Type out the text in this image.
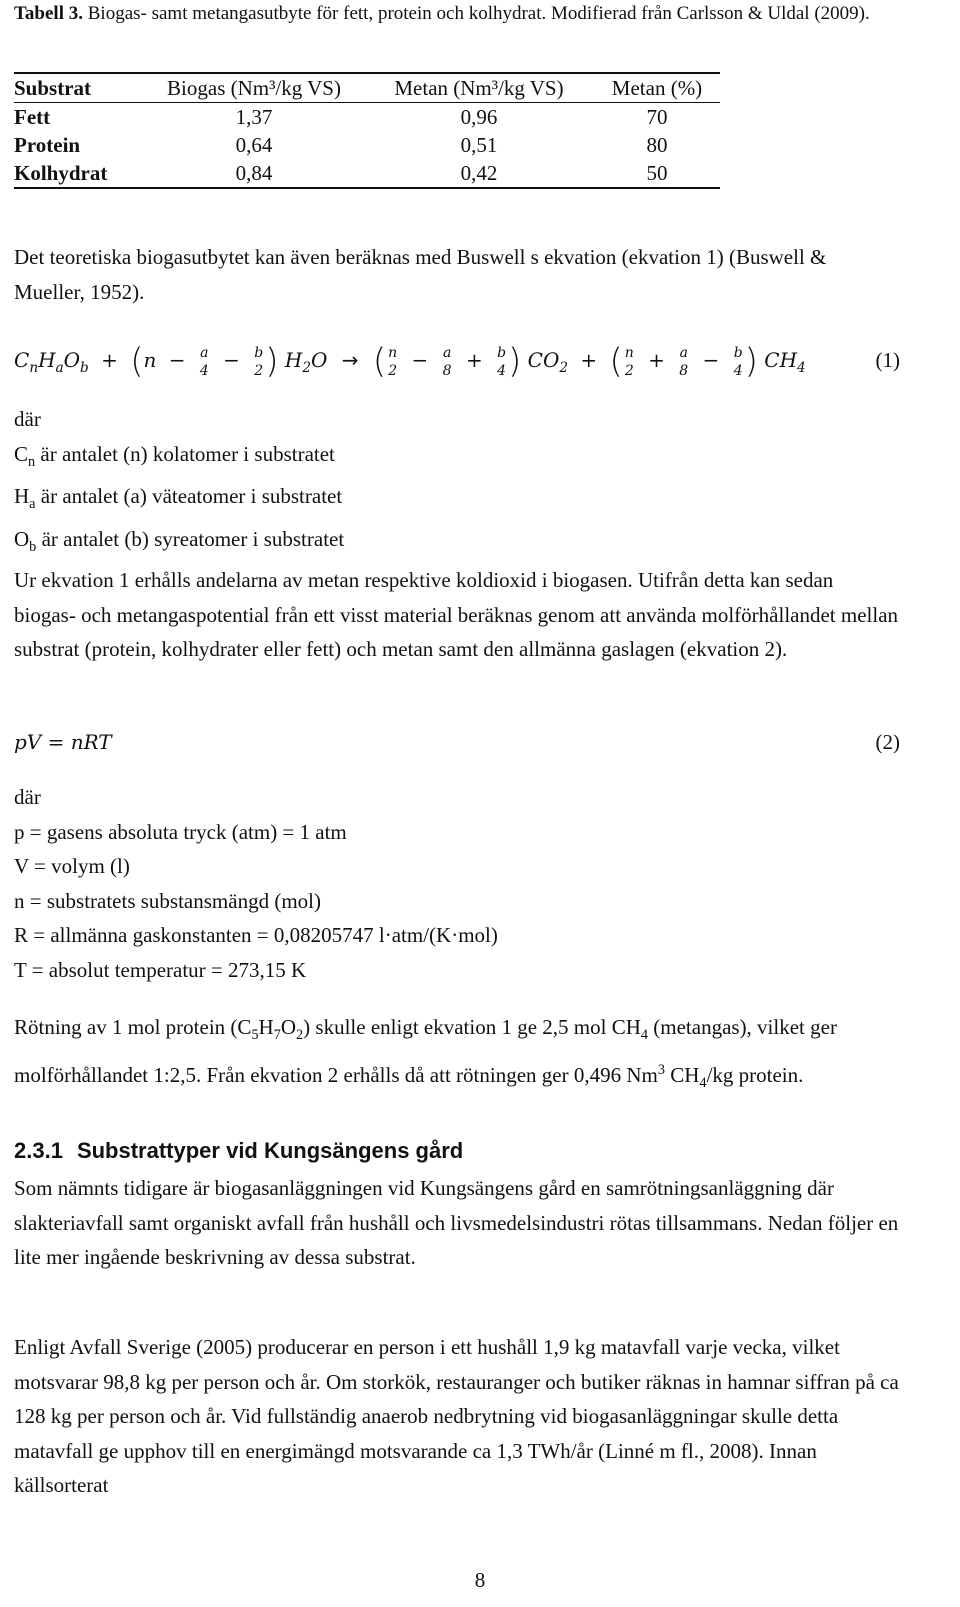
Tabell 3. Biogas- samt metangasutbyte för fett, protein och kolhydrat. Modifierad från Carlsson & Uldal (2009).
Substrat	Biogas (Nm³/kg VS)	Metan (Nm³/kg VS)	Metan (%)
Fett	1,37	0,96	70
Protein	0,64	0,51	80
Kolhydrat	0,84	0,42	50

Det teoretiska biogasutbytet kan även beräknas med Buswell s ekvation (ekvation 1) (Buswell & Mueller, 1952).

$C_nH_aO_b + (n - a$
4 − b
2 ) $H_2O$ → ( n
2 − a
8 + b
4 ) $CO_2$ + ( n
2 + a
8 − b
4 ) $CH_4$	(1)

där

$C_n$ är antalet (n) kolatomer i substratet

$H_a$ är antalet (a) väteatomer i substratet

$O_b$ är antalet (b) syreatomer i substratet

Ur ekvation 1 erhålls andelarna av metan respektive koldioxid i biogasen. Utifrån detta kan sedan biogas- och metangaspotential från ett visst material beräknas genom att använda molförhållandet mellan substrat (protein, kolhydrater eller fett) och metan samt den allmänna gaslagen (ekvation 2).

pV = nRT	(2)

där

p = gasens absoluta tryck (atm) = 1 atm

V = volym (l)

n = substratets substansmängd (mol)

R = allmänna gaskonstanten = 0,08205747 l·atm/(K·mol)

T = absolut temperatur = 273,15 K

Rötning av 1 mol protein $(C_5H_7O_2)$ skulle enligt ekvation 1 ge 2,5 mol $CH_4$ (metangas), vilket ger molförhållandet 1:2,5. Från ekvation 2 erhålls då att rötningen ger 0,496 Nm$^3$ $CH_4/kg$ protein.

2.3.1 Substrattyper vid Kungsängens gård

Som nämnts tidigare är biogasanläggningen vid Kungsängens gård en samrötningsanläggning där slakteriavfall samt organiskt avfall från hushåll och livsmedelsindustri rötas tillsammans. Nedan följer en lite mer ingående beskrivning av dessa substrat.

Enligt Avfall Sverige (2005) producerar en person i ett hushåll 1,9 kg matavfall varje vecka, vilket motsvarar 98,8 kg per person och år. Om storkök, restauranger och butiker räknas in hamnar siffran på ca 128 kg per person och år. Vid fullständig anaerob nedbrytning vid biogasanläggningar skulle detta matavfall ge upphov till en energimängd motsvarande ca 1,3 TWh/år (Linné m fl., 2008). Innan källsorterat

8
